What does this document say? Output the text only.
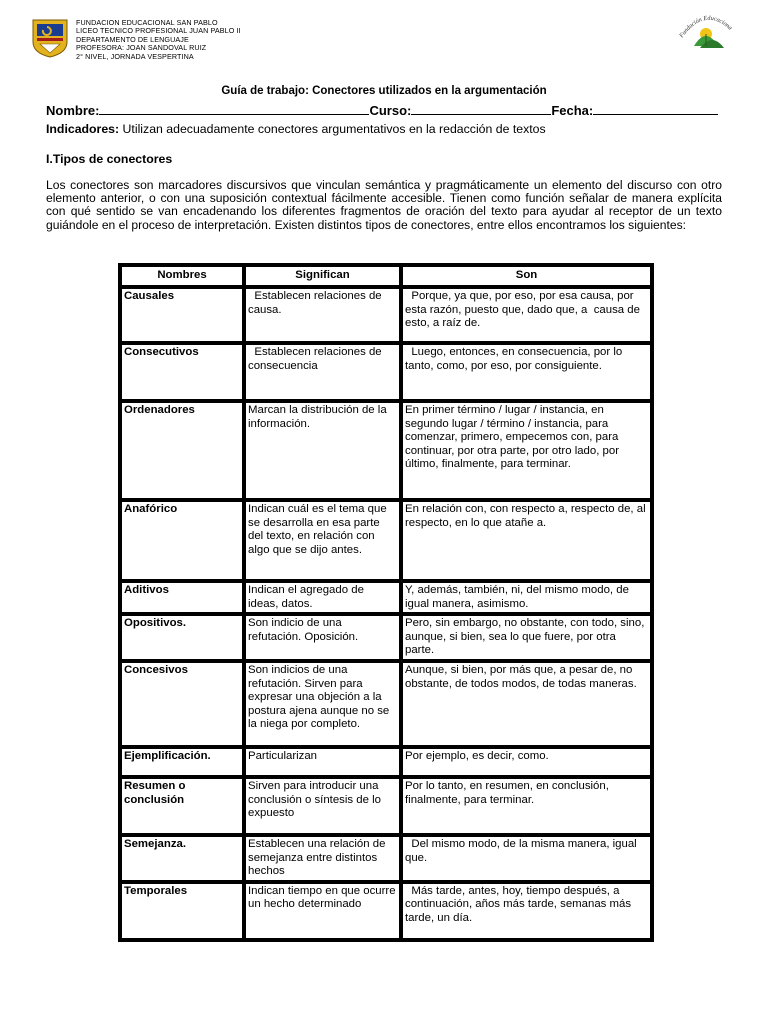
FUNDACION EDUCACIONAL SAN PABLO
LICEO TECNICO PROFESIONAL JUAN PABLO II
DEPARTAMENTO DE LENGUAJE
PROFESORA: JOAN SANDOVAL RUIZ
2° NIVEL, JORNADA VESPERTINA
Fundación Educaciona
Guía de trabajo: Conectores utilizados en la argumentación
Nombre:	Curso:	Fecha:
Indicadores: Utilizan adecuadamente conectores argumentativos en la redacción de textos
I.Tipos de conectores
Los conectores son marcadores discursivos que vinculan semántica y pragmáticamente un elemento del discurso con otro elemento anterior, o con una suposición contextual fácilmente accesible. Tienen como función señalar de manera explícita con qué sentido se van encadenando los diferentes fragmentos de oración del texto para ayudar al receptor de un texto guiándole en el proceso de interpretación. Existen distintos tipos de conectores, entre ellos encontramos los siguientes:
Nombres	Significan	Son
Causales	Establecen relaciones de causa.	Porque, ya que, por eso, por esa causa, por esta razón, puesto que, dado que, a  causa de esto, a raíz de.
Consecutivos	Establecen relaciones de consecuencia	Luego, entonces, en consecuencia, por lo tanto, como, por eso, por consiguiente.
Ordenadores	Marcan la distribución de la información.	En primer término / lugar / instancia, en segundo lugar / término / instancia, para comenzar, primero, empecemos con, para continuar, por otra parte, por otro lado, por último, finalmente, para terminar.
Anafórico	Indican cuál es el tema que se desarrolla en esa parte del texto, en relación con algo que se dijo antes.	En relación con, con respecto a, respecto de, al respecto, en lo que atañe a.
Aditivos	Indican el agregado de ideas, datos.	Y, además, también, ni, del mismo modo, de igual manera, asimismo.
Opositivos.	Son indicio de una refutación. Oposición.	Pero, sin embargo, no obstante, con todo, sino, aunque, si bien, sea lo que fuere, por otra parte.
Concesivos	Son indicios de una refutación. Sirven para expresar una objeción a la postura ajena aunque no se la niega por completo.	Aunque, si bien, por más que, a pesar de, no obstante, de todos modos, de todas maneras.
Ejemplificación.	Particularizan	Por ejemplo, es decir, como.
Resumen o conclusión	Sirven para introducir una conclusión o síntesis de lo expuesto	Por lo tanto, en resumen, en conclusión, finalmente, para terminar.
Semejanza.	Establecen una relación de semejanza entre distintos hechos	Del mismo modo, de la misma manera, igual que.
Temporales	Indican tiempo en que ocurre un hecho determinado	Más tarde, antes, hoy, tiempo después, a continuación, años más tarde, semanas más tarde, un día.
